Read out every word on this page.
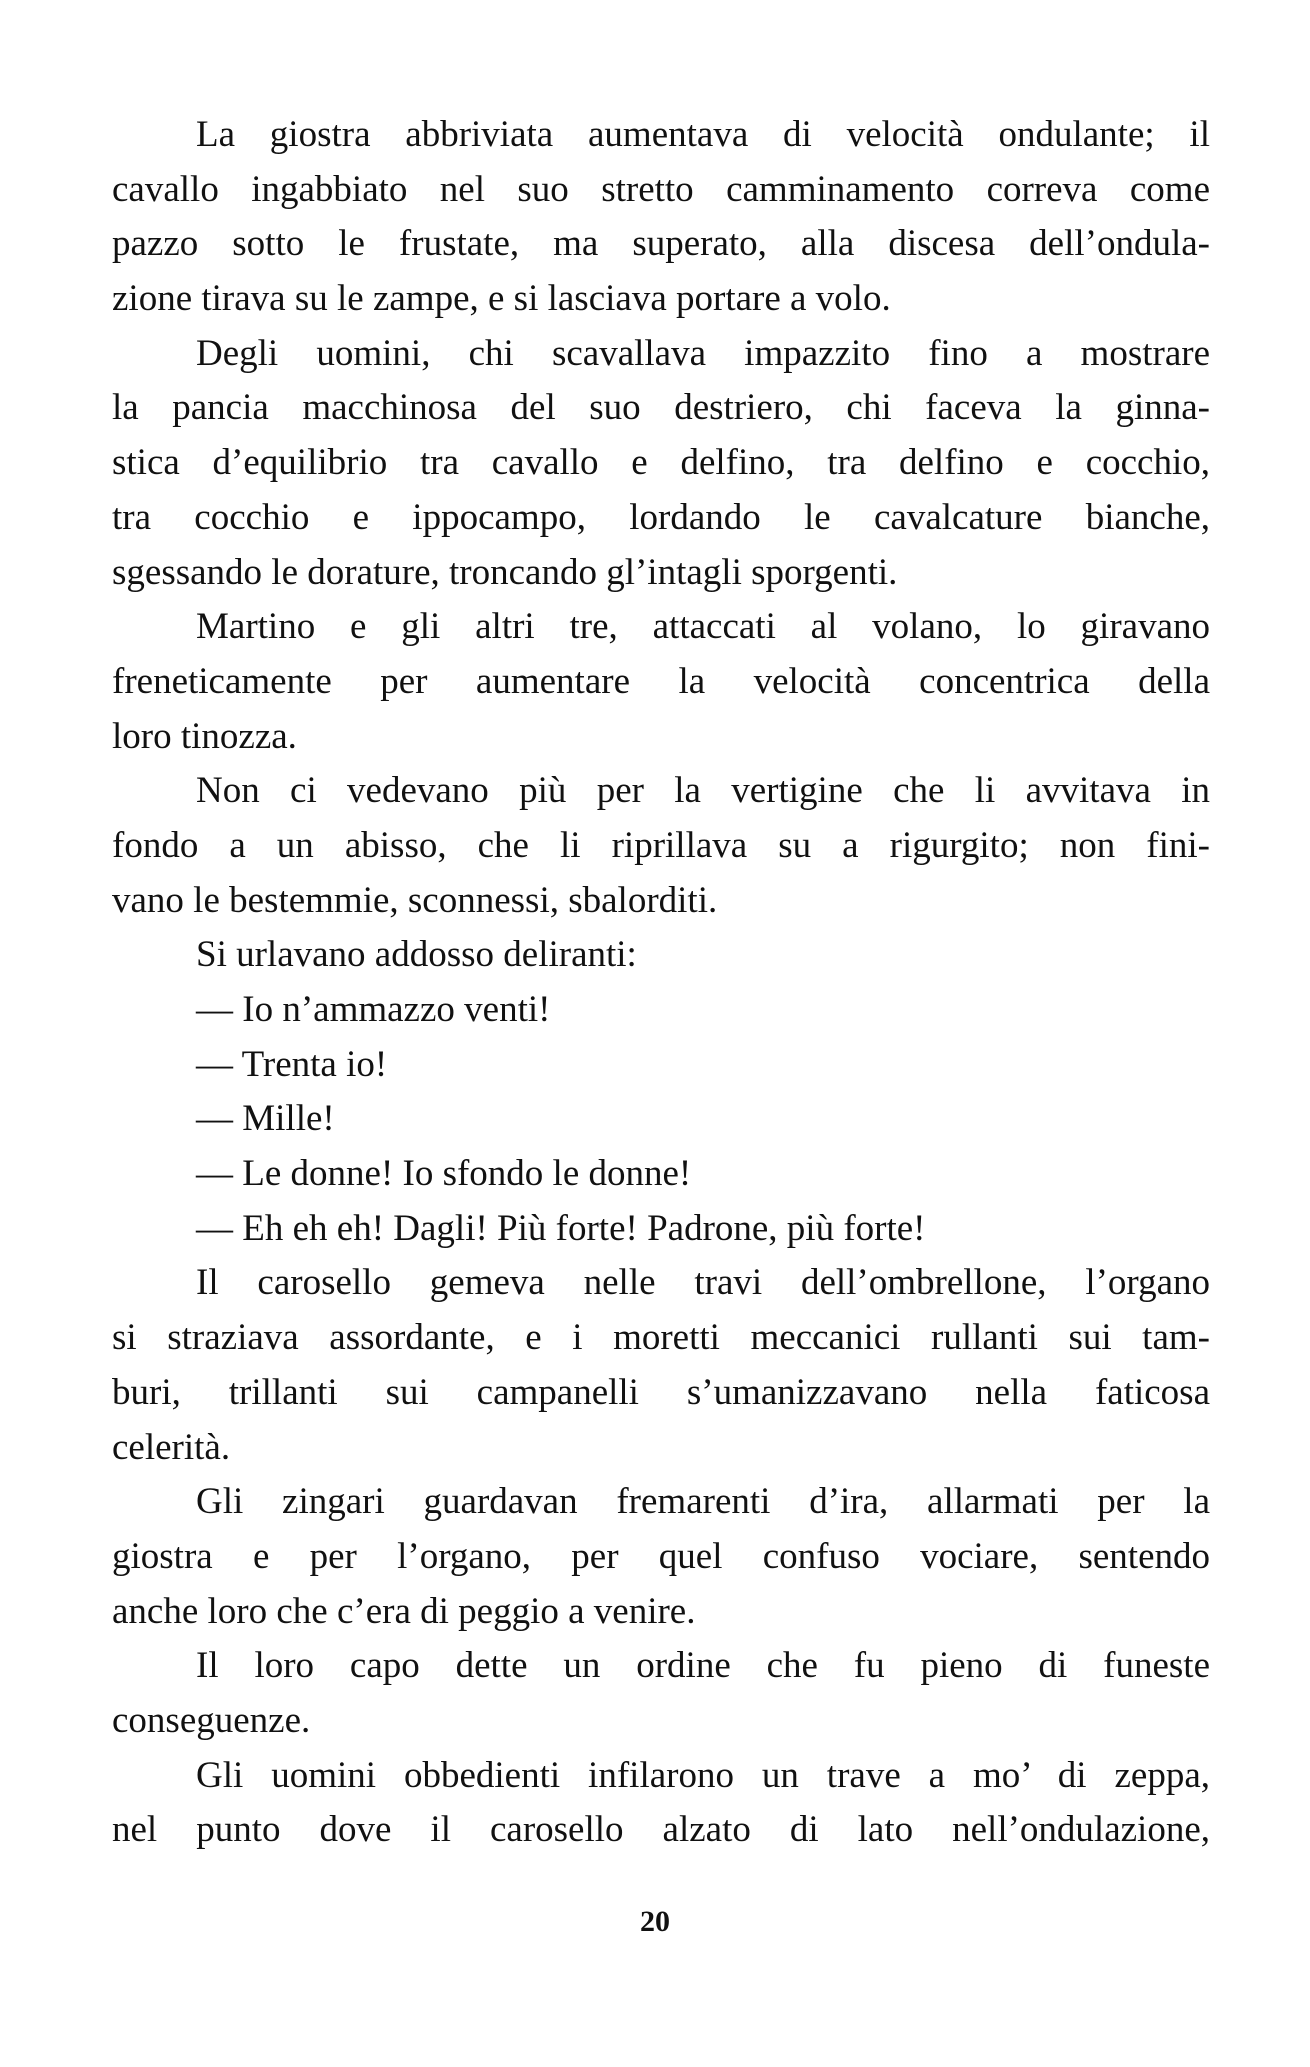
La giostra abbriviata aumentava di velocità ondulante; il
cavallo ingabbiato nel suo stretto camminamento correva come
pazzo sotto le frustate, ma superato, alla discesa dell’ondula-
zione tirava su le zampe, e si lasciava portare a volo.
Degli uomini, chi scavallava impazzito fino a mostrare
la pancia macchinosa del suo destriero, chi faceva la ginna-
stica d’equilibrio tra cavallo e delfino, tra delfino e cocchio,
tra cocchio e ippocampo, lordando le cavalcature bianche,
sgessando le dorature, troncando gl’intagli sporgenti.
Martino e gli altri tre, attaccati al volano, lo giravano
freneticamente per aumentare la velocità concentrica della
loro tinozza.
Non ci vedevano più per la vertigine che li avvitava in
fondo a un abisso, che li riprillava su a rigurgito; non fini-
vano le bestemmie, sconnessi, sbalorditi.
Si urlavano addosso deliranti:
— Io n’ammazzo venti!
— Trenta io!
— Mille!
— Le donne! Io sfondo le donne!
— Eh eh eh! Dagli! Più forte! Padrone, più forte!
Il carosello gemeva nelle travi dell’ombrellone, l’organo
si straziava assordante, e i moretti meccanici rullanti sui tam-
buri, trillanti sui campanelli s’umanizzavano nella faticosa
celerità.
Gli zingari guardavan fremarenti d’ira, allarmati per la
giostra e per l’organo, per quel confuso vociare, sentendo
anche loro che c’era di peggio a venire.
Il loro capo dette un ordine che fu pieno di funeste
conseguenze.
Gli uomini obbedienti infilarono un trave a mo’ di zeppa,
nel punto dove il carosello alzato di lato nell’ondulazione,
20
